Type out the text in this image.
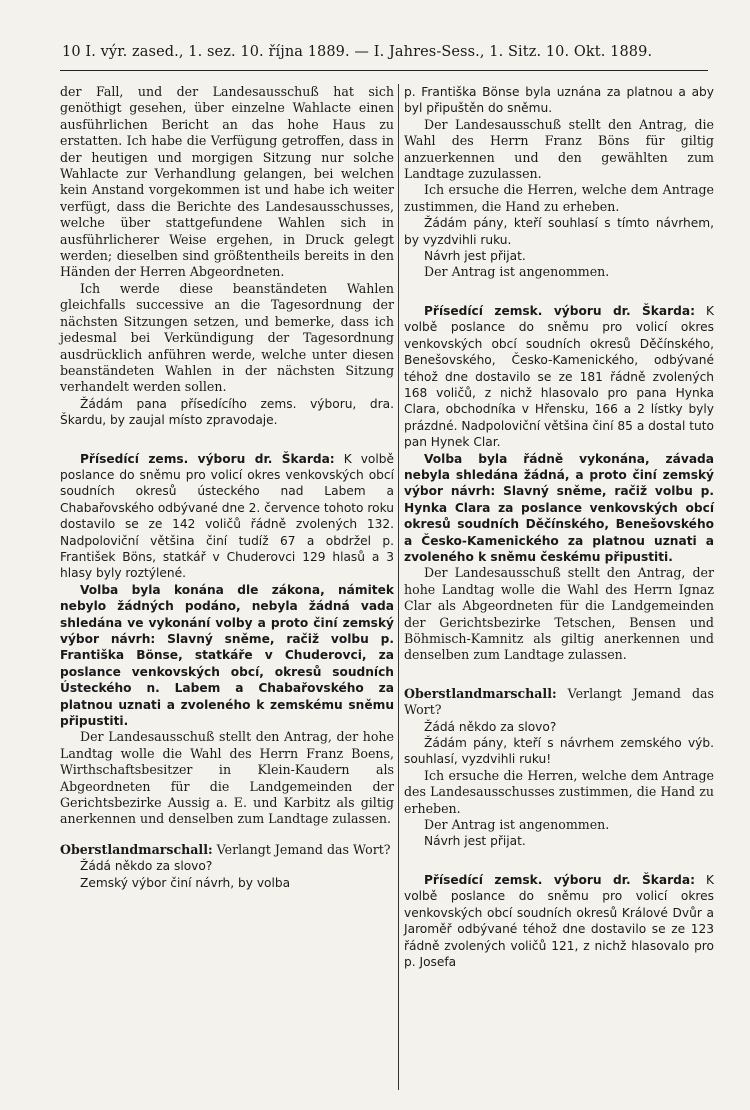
10 I. výr. zased., 1. sez. 10. října 1889. — I. Jahres-Sess., 1. Sitz. 10. Okt. 1889.

der Fall, und der Landesausschuß hat sich genöthigt gesehen, über einzelne Wahlacte einen ausführlichen Bericht an das hohe Haus zu erstatten. Ich habe die Verfügung getroffen, dass in der heutigen und morgigen Sitzung nur solche Wahlacte zur Verhandlung gelangen, bei welchen kein Anstand vorgekommen ist und habe ich weiter verfügt, dass die Berichte des Landesausschusses, welche über stattgefundene Wahlen sich in ausführlicherer Weise ergehen, in Druck gelegt werden; dieselben sind größtentheils bereits in den Händen der Herren Abgeordneten.

Ich werde diese beanständeten Wahlen gleichfalls successive an die Tagesordnung der nächsten Sitzungen setzen, und bemerke, dass ich jedesmal bei Verkündigung der Tagesordnung ausdrücklich anführen werde, welche unter diesen beanständeten Wahlen in der nächsten Sitzung verhandelt werden sollen.

Žádám pana přísedícího zems. výboru, dra. Škardu, by zaujal místo zpravodaje.

Přísedící zems. výboru dr. Škarda: K volbě poslance do sněmu pro volicí okres venkovských obcí soudních okresů ústeckého nad Labem a Chabařovského odbývané dne 2. července tohoto roku dostavilo se ze 142 voličů řádně zvolených 132. Nadpoloviční většina činí tudíž 67 a obdržel p. František Böns, statkář v Chuderovci 129 hlasů a 3 hlasy byly roztýlené.

Volba byla konána dle zákona, námitek nebylo žádných podáno, nebyla žádná vada shledána ve vykonání volby a proto činí zemský výbor návrh: Slavný sněme, račiž volbu p. Františka Bönse, statkáře v Chuderovci, za poslance venkovských obcí, okresů soudních Ústeckého n. Labem a Chabařovského za platnou uznati a zvoleného k zemskému sněmu připustiti.

Der Landesausschuß stellt den Antrag, der hohe Landtag wolle die Wahl des Herrn Franz Boens, Wirthschaftsbesitzer in Klein-Kaudern als Abgeordneten für die Landgemeinden der Gerichtsbezirke Aussig a. E. und Karbitz als giltig anerkennen und denselben zum Landtage zulassen.

Oberstlandmarschall: Verlangt Jemand das Wort?

Žádá někdo za slovo?

Zemský výbor činí návrh, by volba

p. Františka Bönse byla uznána za platnou a aby byl připuštěn do sněmu.

Der Landesausschuß stellt den Antrag, die Wahl des Herrn Franz Böns für giltig anzuerkennen und den gewählten zum Landtage zuzulassen.

Ich ersuche die Herren, welche dem Antrage zustimmen, die Hand zu erheben.

Žádám pány, kteří souhlasí s tímto návrhem, by vyzdvihli ruku.

Návrh jest přijat.

Der Antrag ist angenommen.

Přísedící zemsk. výboru dr. Škarda: K volbě poslance do sněmu pro volicí okres venkovských obcí soudních okresů Děčínského, Benešovského, Česko-Kamenického, odbývané téhož dne dostavilo se ze 181 řádně zvolených 168 voličů, z nichž hlasovalo pro pana Hynka Clara, obchodníka v Hřensku, 166 a 2 lístky byly prázdné. Nadpoloviční většina činí 85 a dostal tuto pan Hynek Clar.

Volba byla řádně vykonána, závada nebyla shledána žádná, a proto činí zemský výbor návrh: Slavný sněme, račiž volbu p. Hynka Clara za poslance venkovských obcí okresů soudních Děčínského, Benešovského a Česko-Kamenického za platnou uznati a zvoleného k sněmu českému připustiti.

Der Landesausschuß stellt den Antrag, der hohe Landtag wolle die Wahl des Herrn Ignaz Clar als Abgeordneten für die Landgemeinden der Gerichtsbezirke Tetschen, Bensen und Böhmisch-Kamnitz als giltig anerkennen und denselben zum Landtage zulassen.

Oberstlandmarschall: Verlangt Jemand das Wort?

Žádá někdo za slovo?

Žádám pány, kteří s návrhem zemského výb. souhlasí, vyzdvihli ruku!

Ich ersuche die Herren, welche dem Antrage des Landesausschusses zustimmen, die Hand zu erheben.

Der Antrag ist angenommen.

Návrh jest přijat.

Přísedící zemsk. výboru dr. Škarda: K volbě poslance do sněmu pro volicí okres venkovských obcí soudních okresů Králové Dvůr a Jaroměř odbývané téhož dne dostavilo se ze 123 řádně zvolených voličů 121, z nichž hlasovalo pro p. Josefa
